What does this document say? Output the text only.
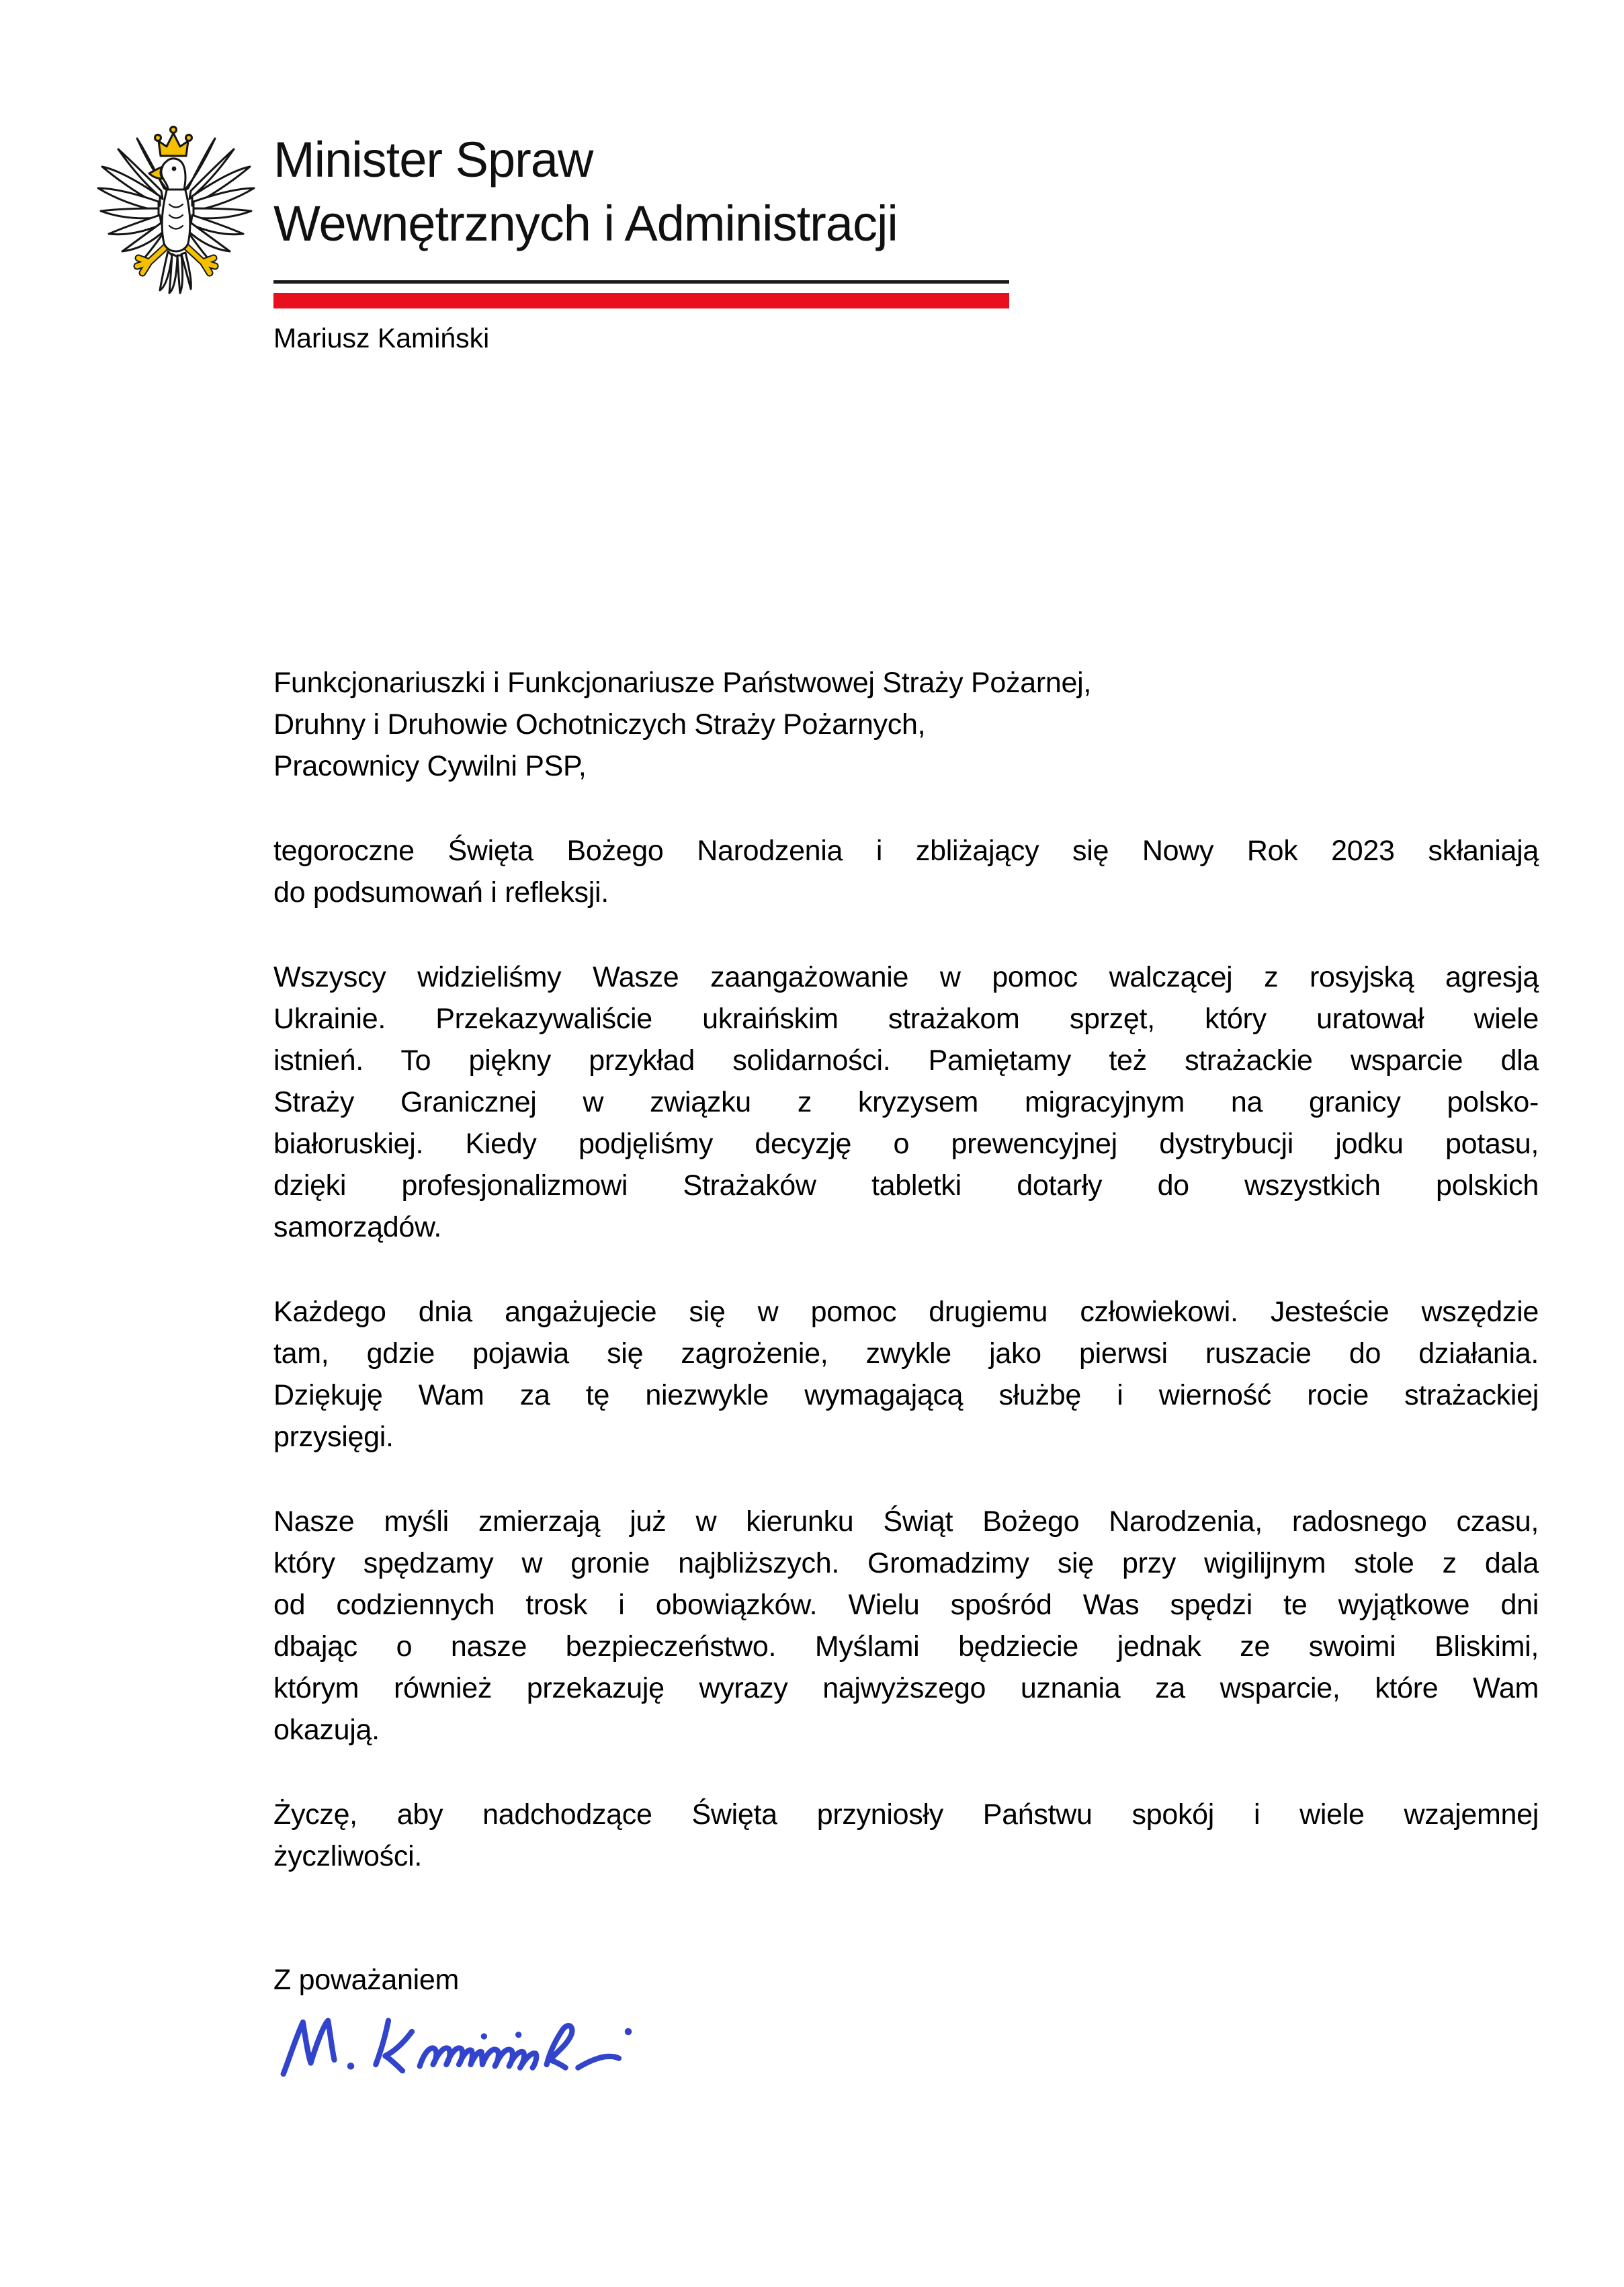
Minister Spraw
Wewnętrznych i Administracji
Mariusz Kamiński
Funkcjonariuszki i Funkcjonariusze Państwowej Straży Pożarnej,
Druhny i Druhowie Ochotniczych Straży Pożarnych,
Pracownicy Cywilni PSP,
tegoroczne Święta Bożego Narodzenia i zbliżający się Nowy Rok 2023 skłaniają
do podsumowań i refleksji.
Wszyscy widzieliśmy Wasze zaangażowanie w pomoc walczącej z rosyjską agresją
Ukrainie. Przekazywaliście ukraińskim strażakom sprzęt, który uratował wiele
istnień. To piękny przykład solidarności. Pamiętamy też strażackie wsparcie dla
Straży Granicznej w związku z kryzysem migracyjnym na granicy polsko-
białoruskiej. Kiedy podjęliśmy decyzję o prewencyjnej dystrybucji jodku potasu,
dzięki profesjonalizmowi Strażaków tabletki dotarły do wszystkich polskich
samorządów.
Każdego dnia angażujecie się w pomoc drugiemu człowiekowi. Jesteście wszędzie
tam, gdzie pojawia się zagrożenie, zwykle jako pierwsi ruszacie do działania.
Dziękuję Wam za tę niezwykle wymagającą służbę i wierność rocie strażackiej
przysięgi.
Nasze myśli zmierzają już w kierunku Świąt Bożego Narodzenia, radosnego czasu,
który spędzamy w gronie najbliższych. Gromadzimy się przy wigilijnym stole z dala
od codziennych trosk i obowiązków. Wielu spośród Was spędzi te wyjątkowe dni
dbając o nasze bezpieczeństwo. Myślami będziecie jednak ze swoimi Bliskimi,
którym również przekazuję wyrazy najwyższego uznania za wsparcie, które Wam
okazują.
Życzę, aby nadchodzące Święta przyniosły Państwu spokój i wiele wzajemnej
życzliwości.
Z poważaniem
